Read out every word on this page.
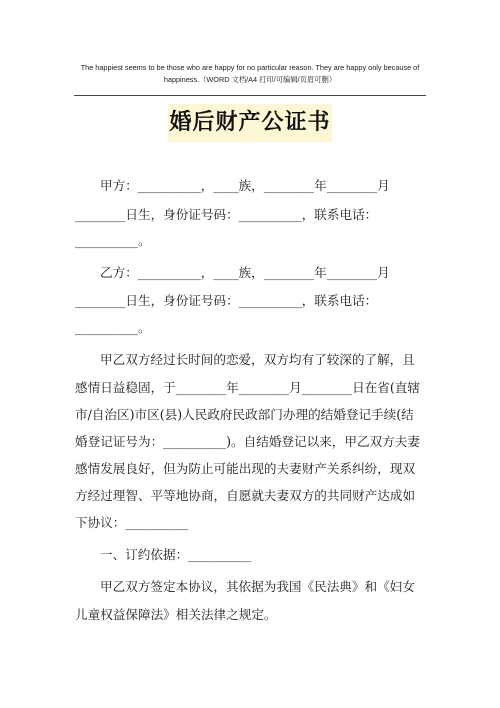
The happiest seems to be those who are happy for no particular reason. They are happy only because of
happiness.（WORD 文档/A4 打印/可编辑/页眉可删）
婚后财产公证书
甲方：__________，____族，________年________月
________日生，身份证号码：__________，联系电话：
__________。
乙方：__________，____族，________年________月
________日生，身份证号码：__________，联系电话：
__________。
甲乙双方经过长时间的恋爱，双方均有了较深的了解，且
感情日益稳固，于________年________月________日在省(直辖
市/自治区)市区(县)人民政府民政部门办理的结婚登记手续(结
婚登记证号为：__________)。自结婚登记以来，甲乙双方夫妻
感情发展良好，但为防止可能出现的夫妻财产关系纠纷，现双
方经过理智、平等地协商，自愿就夫妻双方的共同财产达成如
下协议：__________
一、订约依据：__________
甲乙双方签定本协议，其依据为我国《民法典》和《妇女
儿童权益保障法》相关法律之规定。
